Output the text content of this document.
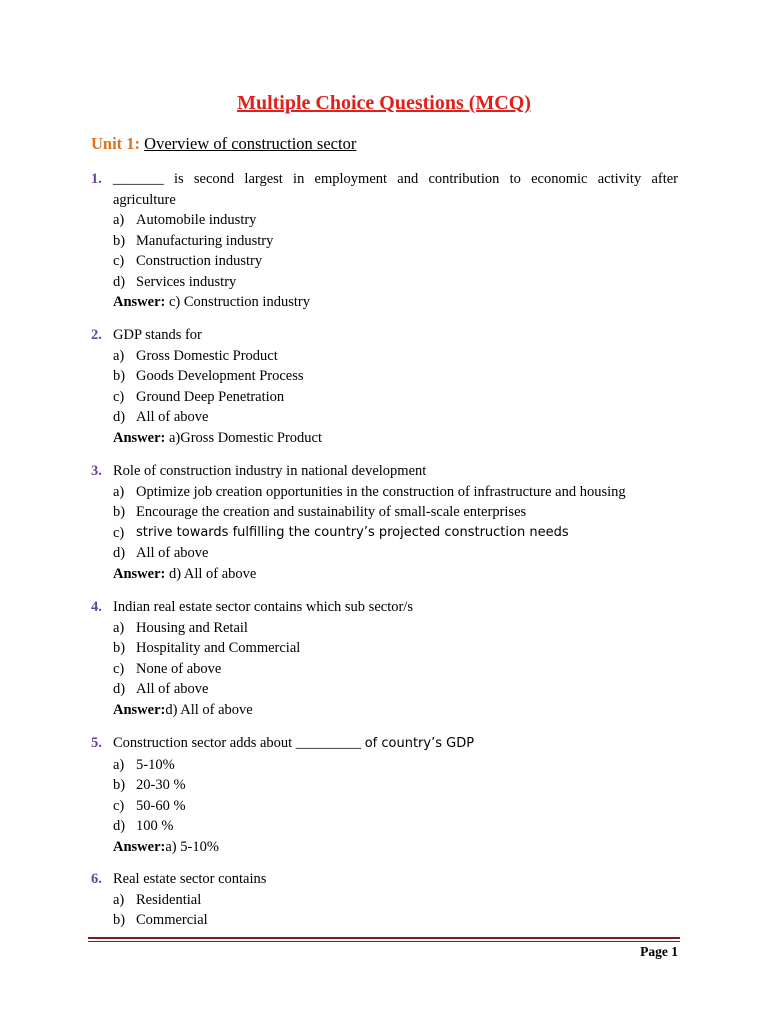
Multiple Choice Questions (MCQ)
Unit 1: Overview of construction sector
1. _______ is second largest in employment and contribution to economic activity after
agriculture
a) Automobile industry
b) Manufacturing industry
c) Construction industry
d) Services industry
Answer: c) Construction industry
2. GDP stands for
a) Gross Domestic Product
b) Goods Development Process
c) Ground Deep Penetration
d) All of above
Answer: a)Gross Domestic Product
3. Role of construction industry in national development
a) Optimize job creation opportunities in the construction of infrastructure and housing
b) Encourage the creation and sustainability of small-scale enterprises
c) strive towards fulfilling the country’s projected construction needs
d) All of above
Answer: d) All of above
4. Indian real estate sector contains which sub sector/s
a) Housing and Retail
b) Hospitality and Commercial
c) None of above
d) All of above
Answer:d) All of above
5. Construction sector adds about _________ of country’s GDP
a) 5-10%
b) 20-30 %
c) 50-60 %
d) 100 %
Answer:a) 5-10%
6. Real estate sector contains
a) Residential
b) Commercial
Page 1
